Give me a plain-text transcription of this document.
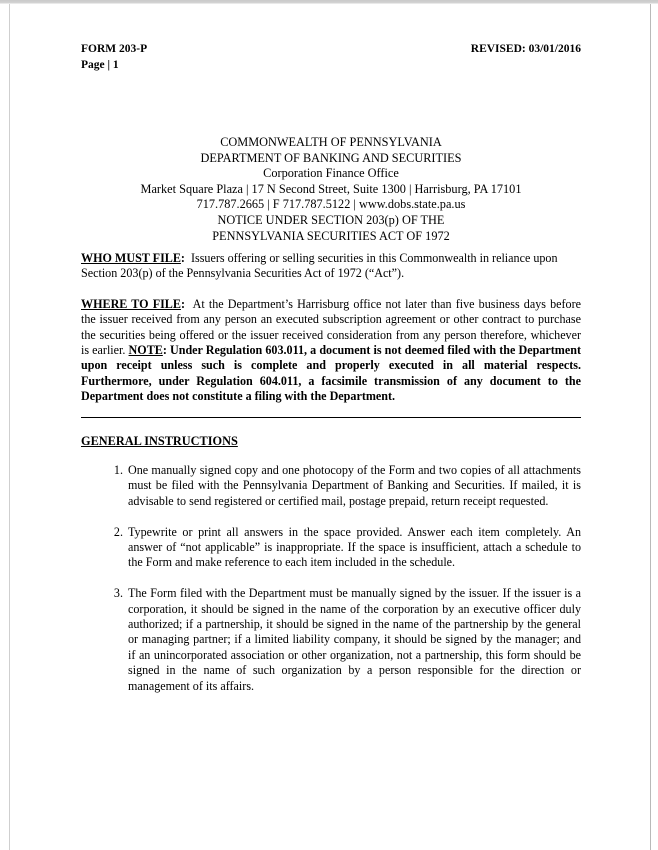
FORM 203-P	REVISED: 03/01/2016
Page | 1
COMMONWEALTH OF PENNSYLVANIA
DEPARTMENT OF BANKING AND SECURITIES
Corporation Finance Office
Market Square Plaza | 17 N Second Street, Suite 1300 | Harrisburg, PA 17101
717.787.2665 | F 717.787.5122 | www.dobs.state.pa.us
NOTICE UNDER SECTION 203(p) OF THE
PENNSYLVANIA SECURITIES ACT OF 1972

WHO MUST FILE: Issuers offering or selling securities in this Commonwealth in reliance upon Section 203(p) of the Pennsylvania Securities Act of 1972 (“Act”).

WHERE TO FILE: At the Department’s Harrisburg office not later than five business days before the issuer received from any person an executed subscription agreement or other contract to purchase the securities being offered or the issuer received consideration from any person therefore, whichever is earlier. NOTE: Under Regulation 603.011, a document is not deemed filed with the Department upon receipt unless such is complete and properly executed in all material respects. Furthermore, under Regulation 604.011, a facsimile transmission of any document to the Department does not constitute a filing with the Department.

GENERAL INSTRUCTIONS
1. One manually signed copy and one photocopy of the Form and two copies of all attachments must be filed with the Pennsylvania Department of Banking and Securities. If mailed, it is advisable to send registered or certified mail, postage prepaid, return receipt requested.
2. Typewrite or print all answers in the space provided. Answer each item completely. An answer of “not applicable” is inappropriate. If the space is insufficient, attach a schedule to the Form and make reference to each item included in the schedule.
3. The Form filed with the Department must be manually signed by the issuer. If the issuer is a corporation, it should be signed in the name of the corporation by an executive officer duly authorized; if a partnership, it should be signed in the name of the partnership by the general or managing partner; if a limited liability company, it should be signed by the manager; and if an unincorporated association or other organization, not a partnership, this form should be signed in the name of such organization by a person responsible for the direction or management of its affairs.
